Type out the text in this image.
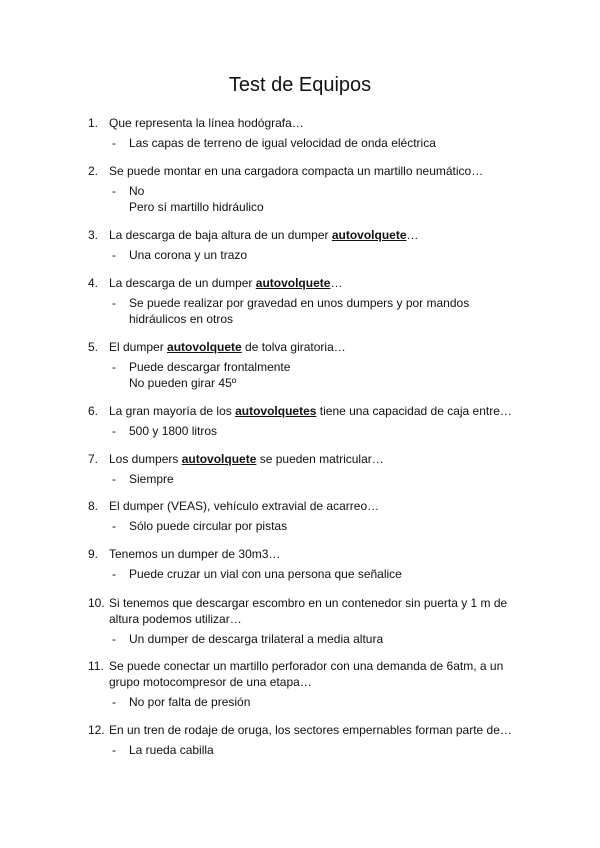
Test de Equipos
1. Que representa la línea hodógrafa…
- Las capas de terreno de igual velocidad de onda eléctrica
2. Se puede montar en una cargadora compacta un martillo neumático…
- No
Pero sí martillo hidráulico
3. La descarga de baja altura de un dumper autovolquete…
- Una corona y un trazo
4. La descarga de un dumper autovolquete…
- Se puede realizar por gravedad en unos dumpers y por mandos
hidráulicos en otros
5. El dumper autovolquete de tolva giratoria…
- Puede descargar frontalmente
No pueden girar 45º
6. La gran mayoría de los autovolquetes tiene una capacidad de caja entre…
- 500 y 1800 litros
7. Los dumpers autovolquete se pueden matricular…
- Siempre
8. El dumper (VEAS), vehículo extravial de acarreo…
- Sólo puede circular por pistas
9. Tenemos un dumper de 30m3…
- Puede cruzar un vial con una persona que señalice
10. Si tenemos que descargar escombro en un contenedor sin puerta y 1 m de altura podemos utilizar…
- Un dumper de descarga trilateral a media altura
11. Se puede conectar un martillo perforador con una demanda de 6atm, a un grupo motocompresor de una etapa…
- No por falta de presión
12. En un tren de rodaje de oruga, los sectores empernables forman parte de…
- La rueda cabilla
